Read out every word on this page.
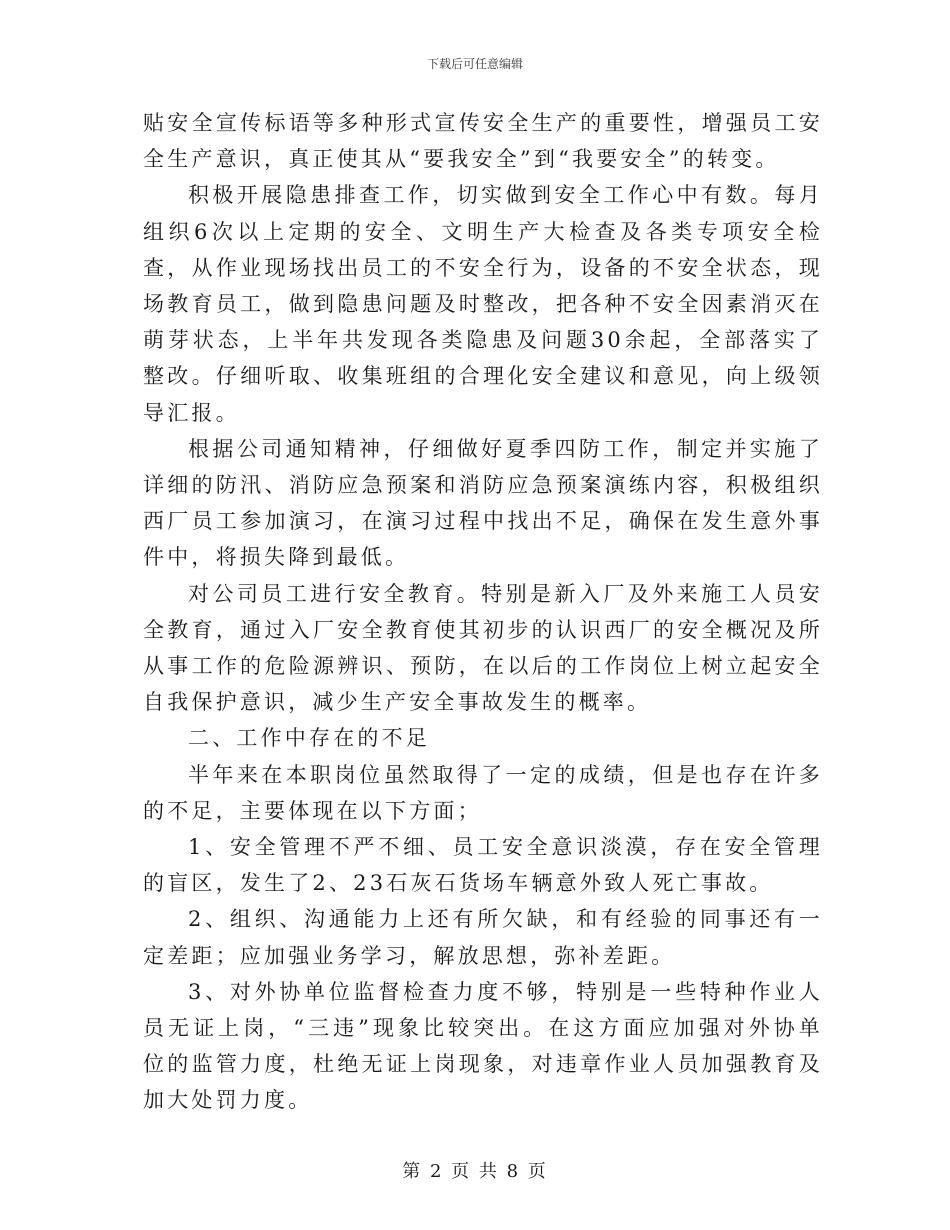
下载后可任意编辑

贴安全宣传标语等多种形式宣传安全生产的重要性，增强员工安全生产意识，真正使其从“要我安全”到“我要安全”的转变。

积极开展隐患排查工作，切实做到安全工作心中有数。每月组织6次以上定期的安全、文明生产大检查及各类专项安全检查，从作业现场找出员工的不安全行为，设备的不安全状态，现场教育员工，做到隐患问题及时整改，把各种不安全因素消灭在萌芽状态，上半年共发现各类隐患及问题30余起，全部落实了整改。仔细听取、收集班组的合理化安全建议和意见，向上级领导汇报。

根据公司通知精神，仔细做好夏季四防工作，制定并实施了详细的防汛、消防应急预案和消防应急预案演练内容，积极组织西厂员工参加演习，在演习过程中找出不足，确保在发生意外事件中，将损失降到最低。

对公司员工进行安全教育。特别是新入厂及外来施工人员安全教育，通过入厂安全教育使其初步的认识西厂的安全概况及所从事工作的危险源辨识、预防，在以后的工作岗位上树立起安全自我保护意识，减少生产安全事故发生的概率。

二、工作中存在的不足

半年来在本职岗位虽然取得了一定的成绩，但是也存在许多的不足，主要体现在以下方面；

1、安全管理不严不细、员工安全意识淡漠，存在安全管理的盲区，发生了2、23石灰石货场车辆意外致人死亡事故。

2、组织、沟通能力上还有所欠缺，和有经验的同事还有一定差距；应加强业务学习，解放思想，弥补差距。

3、对外协单位监督检查力度不够，特别是一些特种作业人员无证上岗，“三违”现象比较突出。在这方面应加强对外协单位的监管力度，杜绝无证上岗现象，对违章作业人员加强教育及加大处罚力度。

第 2 页 共 8 页
